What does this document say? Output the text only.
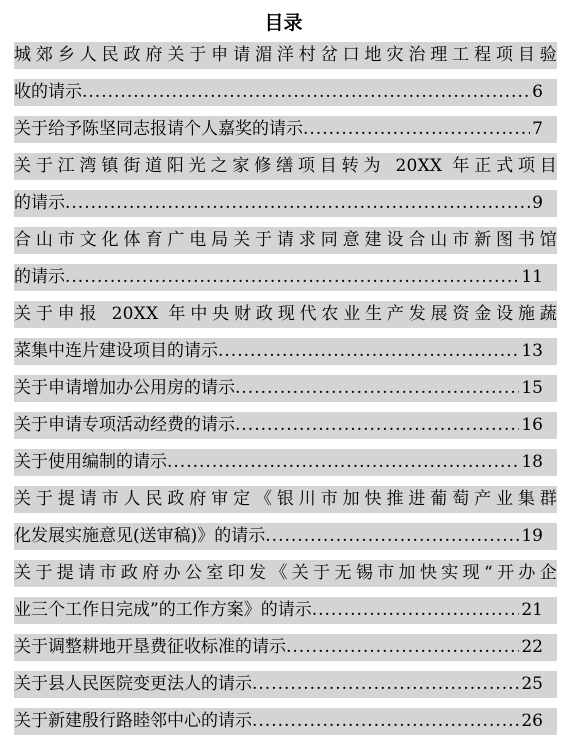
目录
城郊乡人民政府关于申请湄洋村岔口地灾治理工程项目验
收的请示 .....	6
关于给予陈坚同志报请个人嘉奖的请示 .....	7
关于江湾镇街道阳光之家修缮项目转为 20XX 年正式项目
的请示 .....	9
合山市文化体育广电局关于请求同意建设合山市新图书馆
的请示 .....	11
关于申报 20XX 年中央财政现代农业生产发展资金设施蔬
菜集中连片建设项目的请示 .....	13
关于申请增加办公用房的请示 .....	15
关于申请专项活动经费的请示 .....	16
关于使用编制的请示 .....	18
关于提请市人民政府审定《银川市加快推进葡萄产业集群
化发展实施意见(送审稿)》的请示 .....	19
关于提请市政府办公室印发《关于无锡市加快实现“开办企
业三个工作日完成”的工作方案》的请示 .....	21
关于调整耕地开垦费征收标准的请示 .....	22
关于县人民医院变更法人的请示 .....	25
关于新建殷行路睦邻中心的请示 .....	26
